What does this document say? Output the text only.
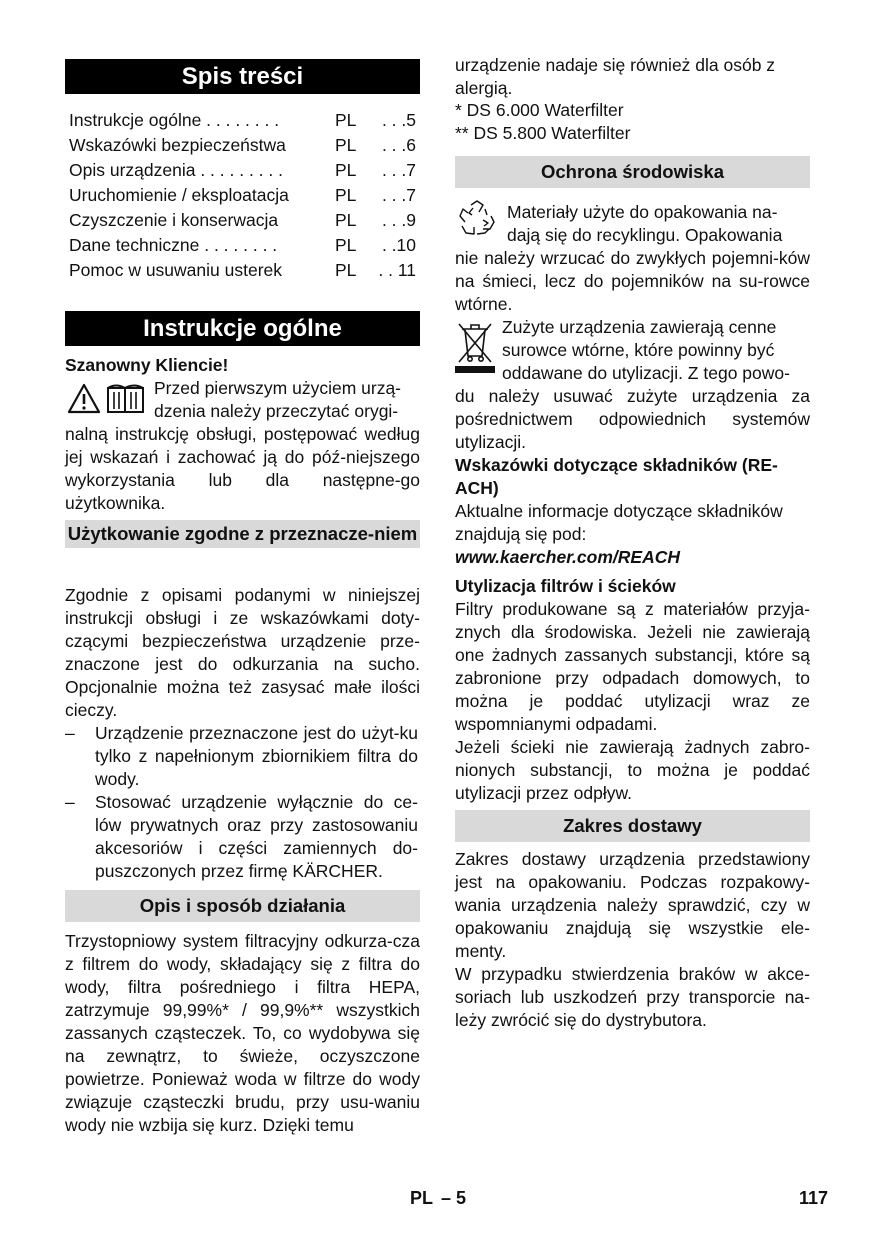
Spis treści
Instrukcje ogólne . . . . . . . .	PL . . .5
Wskazówki bezpieczeństwa	PL . . .6
Opis urządzenia . . . . . . . . .	PL . . .7
Uruchomienie / eksploatacja	PL . . .7
Czyszczenie i konserwacja	PL . . .9
Dane techniczne . . . . . . . .	PL . .10
Pomoc w usuwaniu usterek	PL . . 11
Instrukcje ogólne

Szanowny Kliencie!

Przed pierwszym użyciem urzą-

dzenia należy przeczytać orygi-

nalną instrukcję obsługi, postępować według jej wskazań i zachować ją do póź-niejszego wykorzystania lub dla następne-go użytkownika.

Użytkowanie zgodne z przeznacze-niem

Zgodnie z opisami podanymi w niniejszej instrukcji obsługi i ze wskazówkami doty-czącymi bezpieczeństwa urządzenie prze-znaczone jest do odkurzania na sucho. Opcjonalnie można też zasysać małe ilości cieczy.

– Urządzenie przeznaczone jest do użyt-ku tylko z napełnionym zbiornikiem filtra do wody.

– Stosować urządzenie wyłącznie do ce-lów prywatnych oraz przy zastosowaniu akcesoriów i części zamiennych do-puszczonych przez firmę KÄRCHER.

Opis i sposób działania

Trzystopniowy system filtracyjny odkurza-cza z filtrem do wody, składający się z filtra do wody, filtra pośredniego i filtra HEPA, zatrzymuje 99,99%* / 99,9%** wszystkich zassanych cząsteczek. To, co wydobywa się na zewnątrz, to świeże, oczyszczone powietrze. Ponieważ woda w filtrze do wody związuje cząsteczki brudu, przy usu-waniu wody nie wzbija się kurz. Dzięki temu

urządzenie nadaje się również dla osób z alergią.

* DS 6.000 Waterfilter

** DS 5.800 Waterfilter

Ochrona środowiska

Materiały użyte do opakowania na-

dają się do recyklingu. Opakowania

nie należy wrzucać do zwykłych pojemni-ków na śmieci, lecz do pojemników na su-rowce wtórne.

Zużyte urządzenia zawierają cenne

surowce wtórne, które powinny być

oddawane do utylizacji. Z tego powo-

du należy usuwać zużyte urządzenia za pośrednictwem odpowiednich systemów utylizacji.

Wskazówki dotyczące składników (RE-ACH)

Aktualne informacje dotyczące składników znajdują się pod:

www.kaercher.com/REACH

Utylizacja filtrów i ścieków

Filtry produkowane są z materiałów przyja-znych dla środowiska. Jeżeli nie zawierają one żadnych zassanych substancji, które są zabronione przy odpadach domowych, to można je poddać utylizacji wraz ze wspomnianymi odpadami.

Jeżeli ścieki nie zawierają żadnych zabro-nionych substancji, to można je poddać utylizacji przez odpływ.

Zakres dostawy

Zakres dostawy urządzenia przedstawiony jest na opakowaniu. Podczas rozpakowy-wania urządzenia należy sprawdzić, czy w opakowaniu znajdują się wszystkie ele-menty.

W przypadku stwierdzenia braków w akce-soriach lub uszkodzeń przy transporcie na-leży zwrócić się do dystrybutora.

PL – 5	117
